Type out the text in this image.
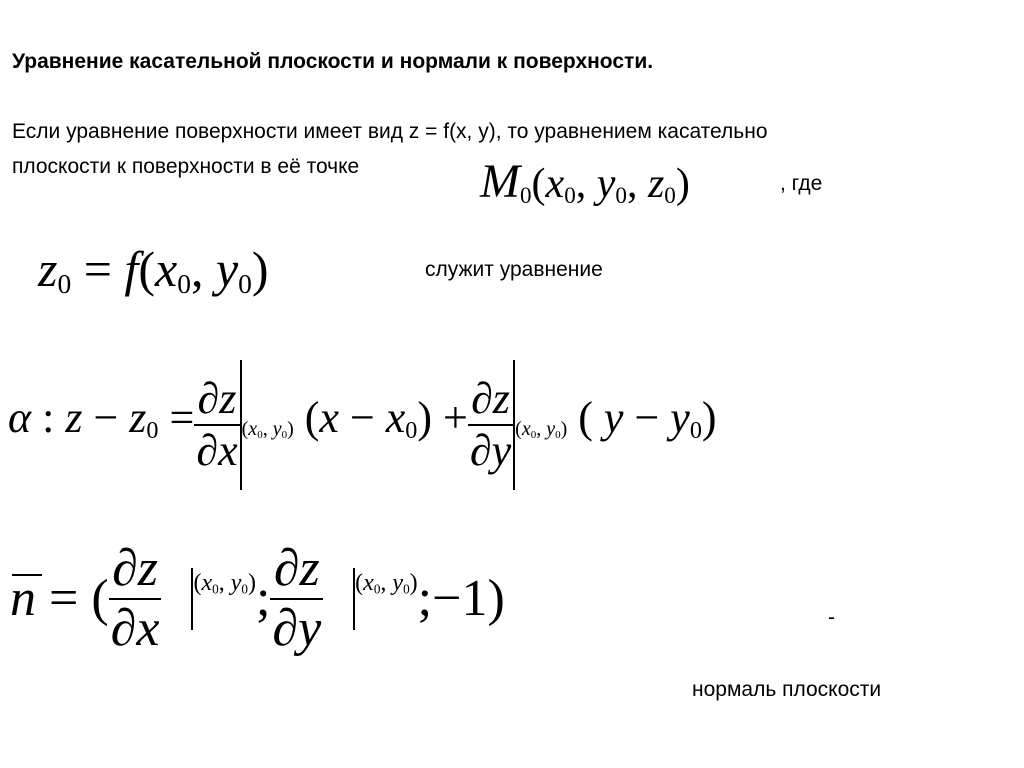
Уравнение касательной плоскости и нормали к поверхности.
Если уравнение поверхности имеет вид z = f(x, y), то уравнением касательно
плоскости к поверхности в её точке	$M_0(x_0$, $y_0$, $z_0$)	, где
$z_0 = f(x_0$, $y_0$)	служит уравнение
α : $z - z_0 = \frac{\partial z}{\partial x} (x_0$, $y_0$) $(x - x_0) + \frac{\partial z}{\partial y} (x_0$, $y_0$) ( $y - y_0$)
n = ( $\frac{\partial z}{\partial x} (x_0$, $y_0$); $\frac{\partial z}{\partial y} (x_0$, $y_0);-1$)	-
нормаль плоскости
